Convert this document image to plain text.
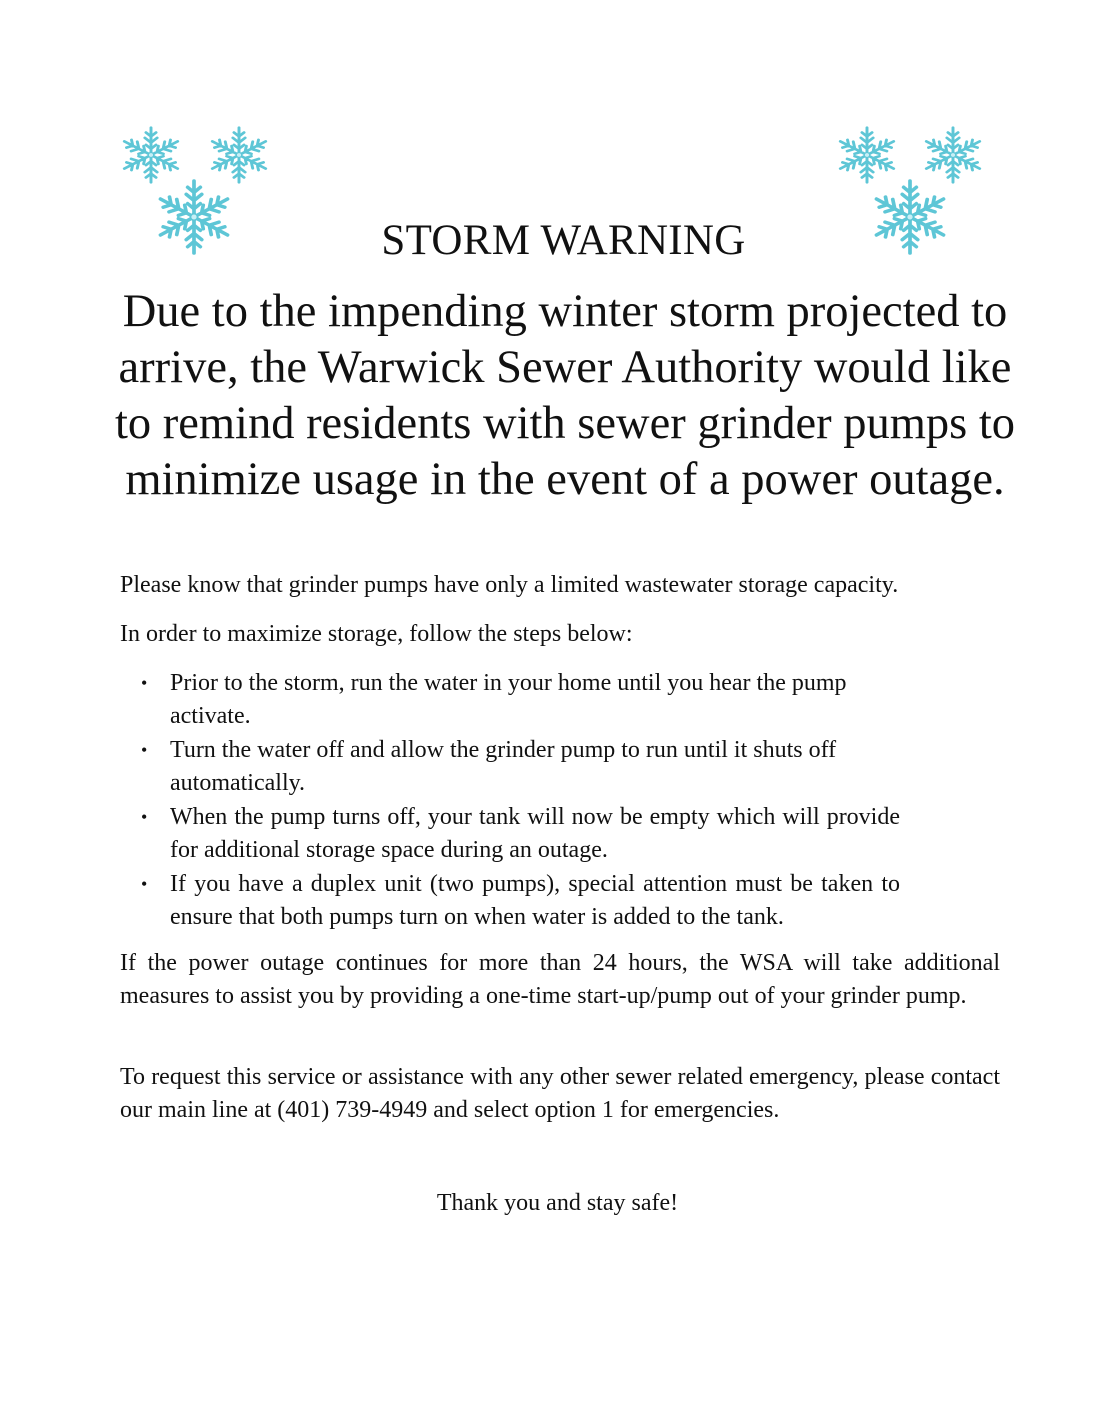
STORM WARNING

Due to the impending winter storm projected to arrive, the Warwick Sewer Authority would like to remind residents with sewer grinder pumps to minimize usage in the event of a power outage.

Please know that grinder pumps have only a limited wastewater storage capacity.

In order to maximize storage, follow the steps below:

• Prior to the storm, run the water in your home until you hear the pump activate.
• Turn the water off and allow the grinder pump to run until it shuts off automatically.
• When the pump turns off, your tank will now be empty which will provide for additional storage space during an outage.
• If you have a duplex unit (two pumps), special attention must be taken to ensure that both pumps turn on when water is added to the tank.

If the power outage continues for more than 24 hours, the WSA will take additional measures to assist you by providing a one-time start-up/pump out of your grinder pump.

To request this service or assistance with any other sewer related emergency, please contact our main line at (401) 739-4949 and select option 1 for emergencies.

Thank you and stay safe!
